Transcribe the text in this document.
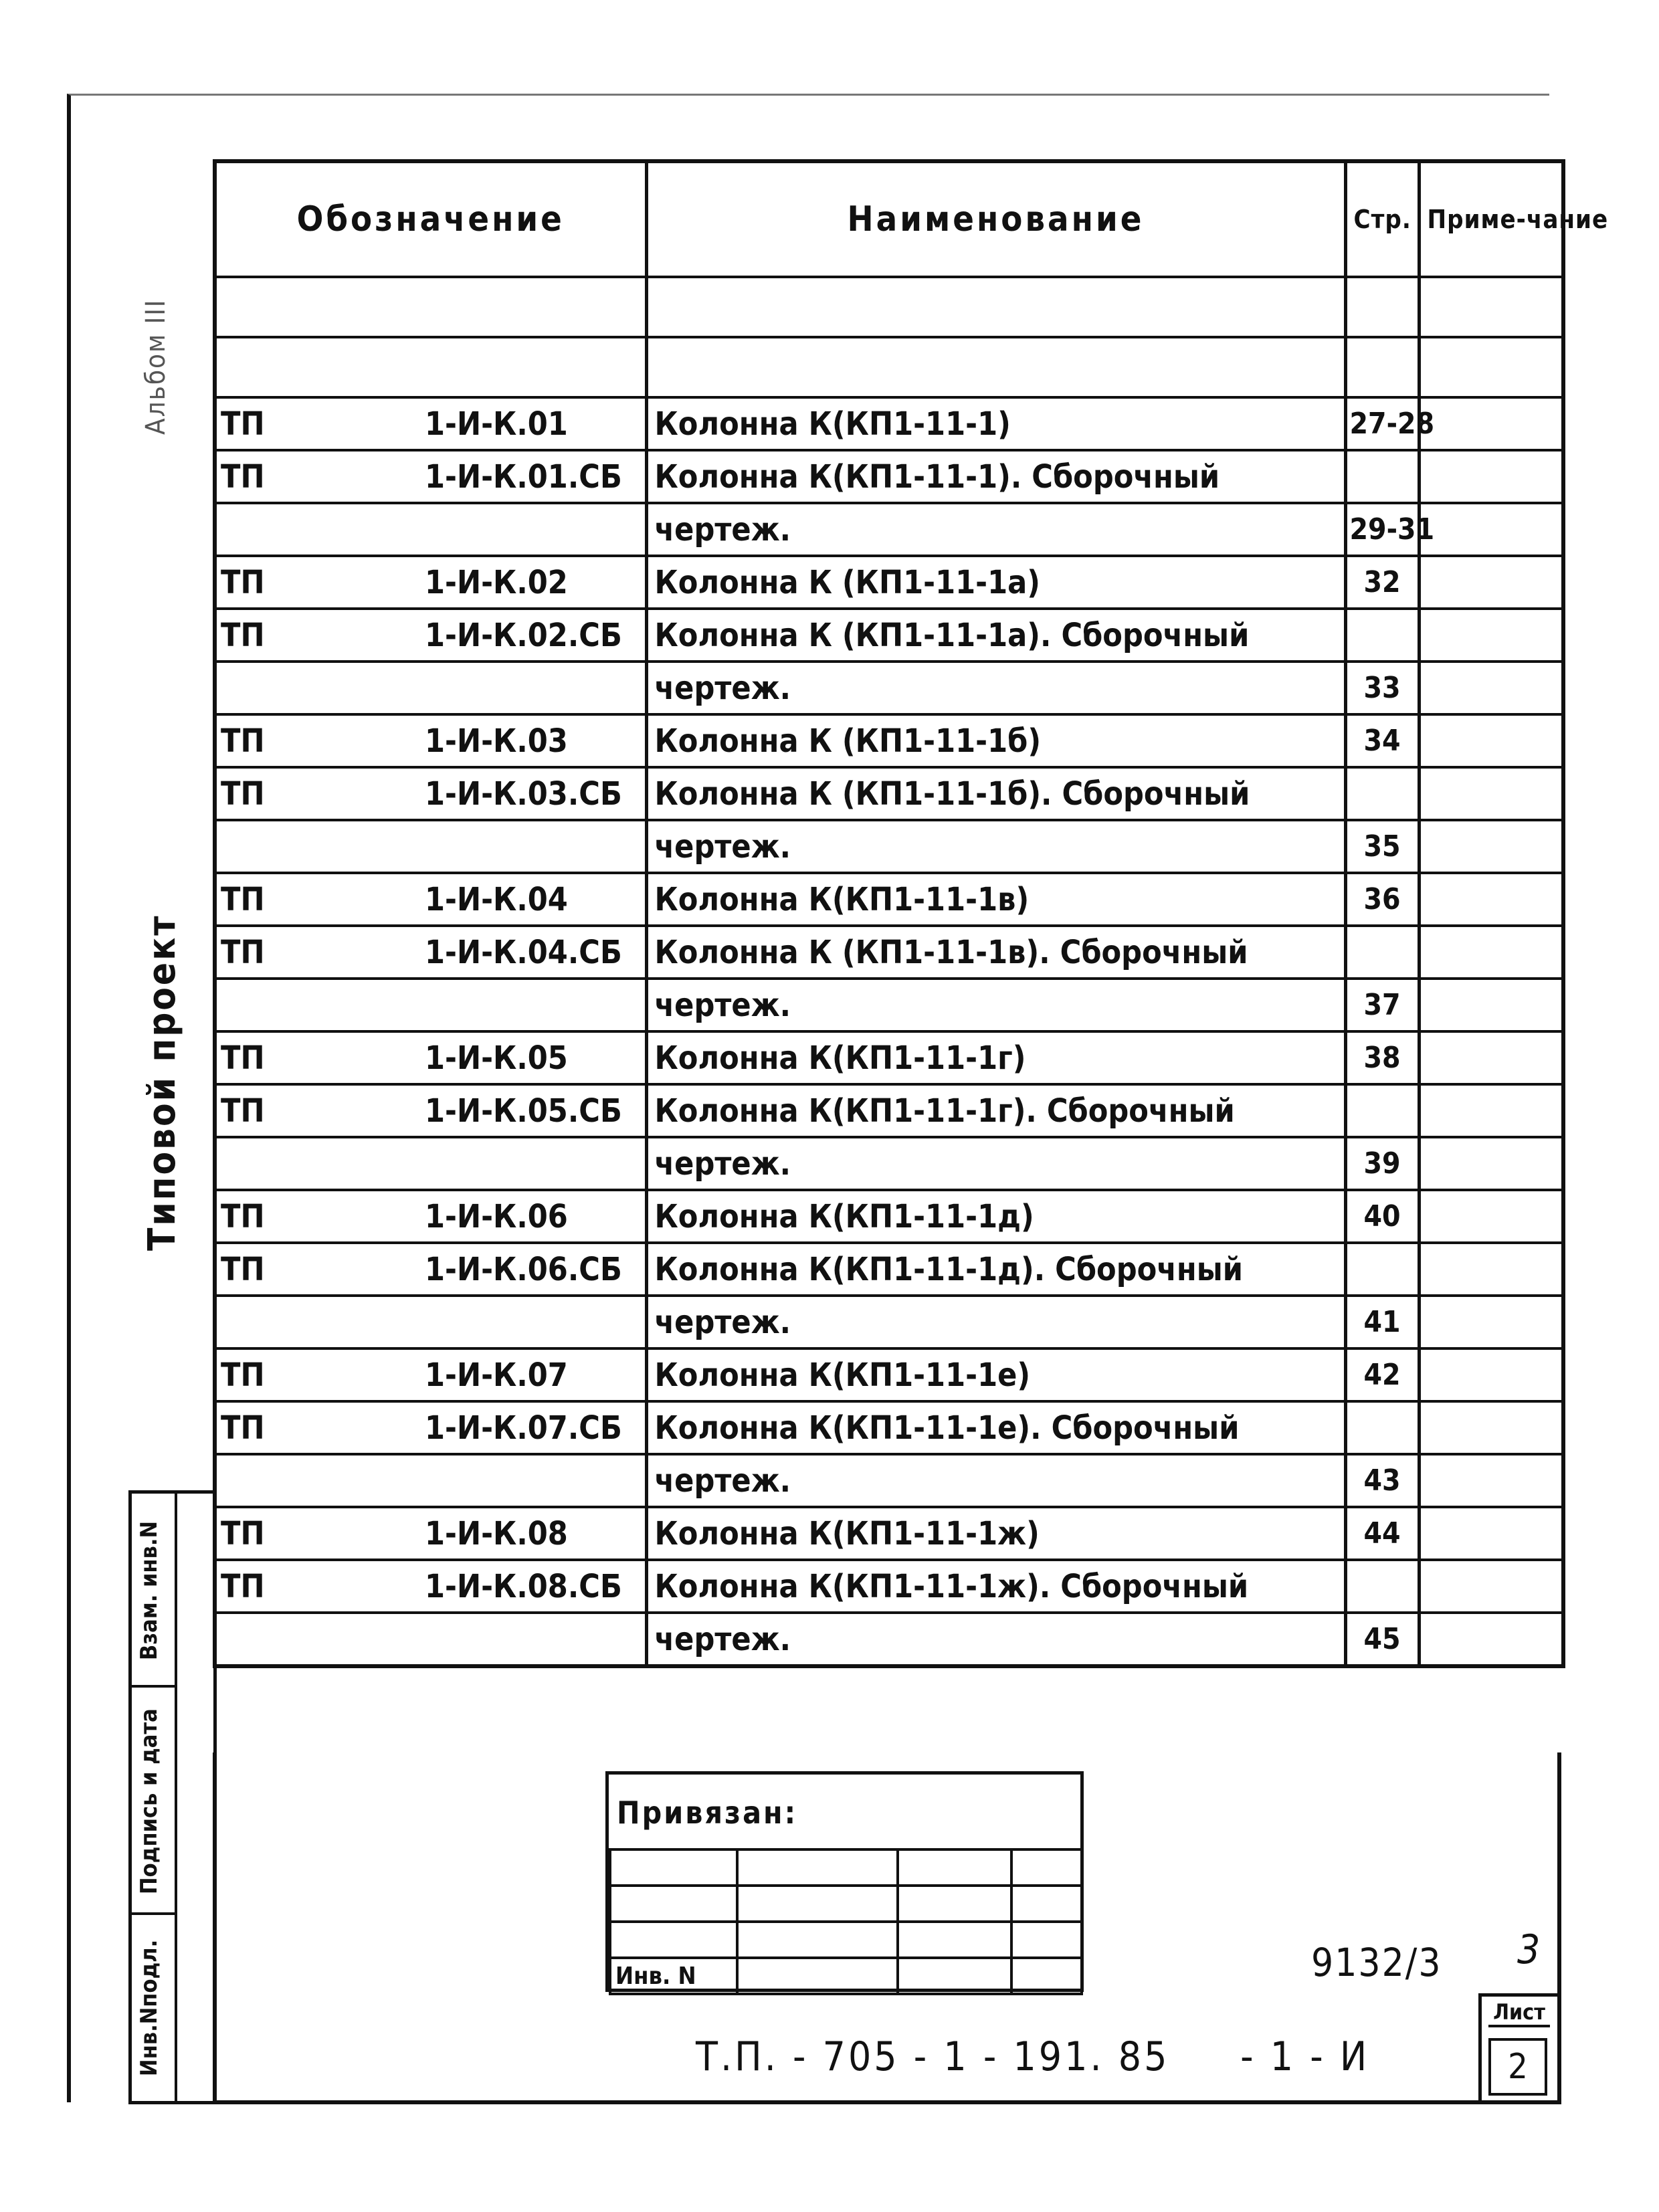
Альбом III
Типовой проект
Обозначение	Наименование	Стр.	Приме-чание

ТП 1-И-К.01	Колонна К(КП1-11-1)	27-28	
ТП 1-И-К.01.СБ	Колонна К(КП1-11-1). Сборочный		
	чертеж.	29-31	
ТП 1-И-К.02	Колонна К (КП1-11-1а)	32	
ТП 1-И-К.02.СБ	Колонна К (КП1-11-1а). Сборочный		
	чертеж.	33	
ТП 1-И-К.03	Колонна К (КП1-11-1б)	34	
ТП 1-И-К.03.СБ	Колонна К (КП1-11-1б). Сборочный		
	чертеж.	35	
ТП 1-И-К.04	Колонна К(КП1-11-1в)	36	
ТП 1-И-К.04.СБ	Колонна К (КП1-11-1в). Сборочный		
	чертеж.	37	
ТП 1-И-К.05	Колонна К(КП1-11-1г)	38	
ТП 1-И-К.05.СБ	Колонна К(КП1-11-1г). Сборочный		
	чертеж.	39	
ТП 1-И-К.06	Колонна К(КП1-11-1д)	40	
ТП 1-И-К.06.СБ	Колонна К(КП1-11-1д). Сборочный		
	чертеж.	41	
ТП 1-И-К.07	Колонна К(КП1-11-1е)	42	
ТП 1-И-К.07.СБ	Колонна К(КП1-11-1е). Сборочный		
	чертеж.	43	
ТП 1-И-К.08	Колонна К(КП1-11-1ж)	44	
ТП 1-И-К.08.СБ	Колонна К(КП1-11-1ж). Сборочный		
	чертеж.	45	
Взам. инв.N
Подпись и дата
Инв.Nподл.
Привязан:

Инв. N				9132/3 3
Т.П. - 705 - 1 - 191. 85     - 1 - И
Лист
2
